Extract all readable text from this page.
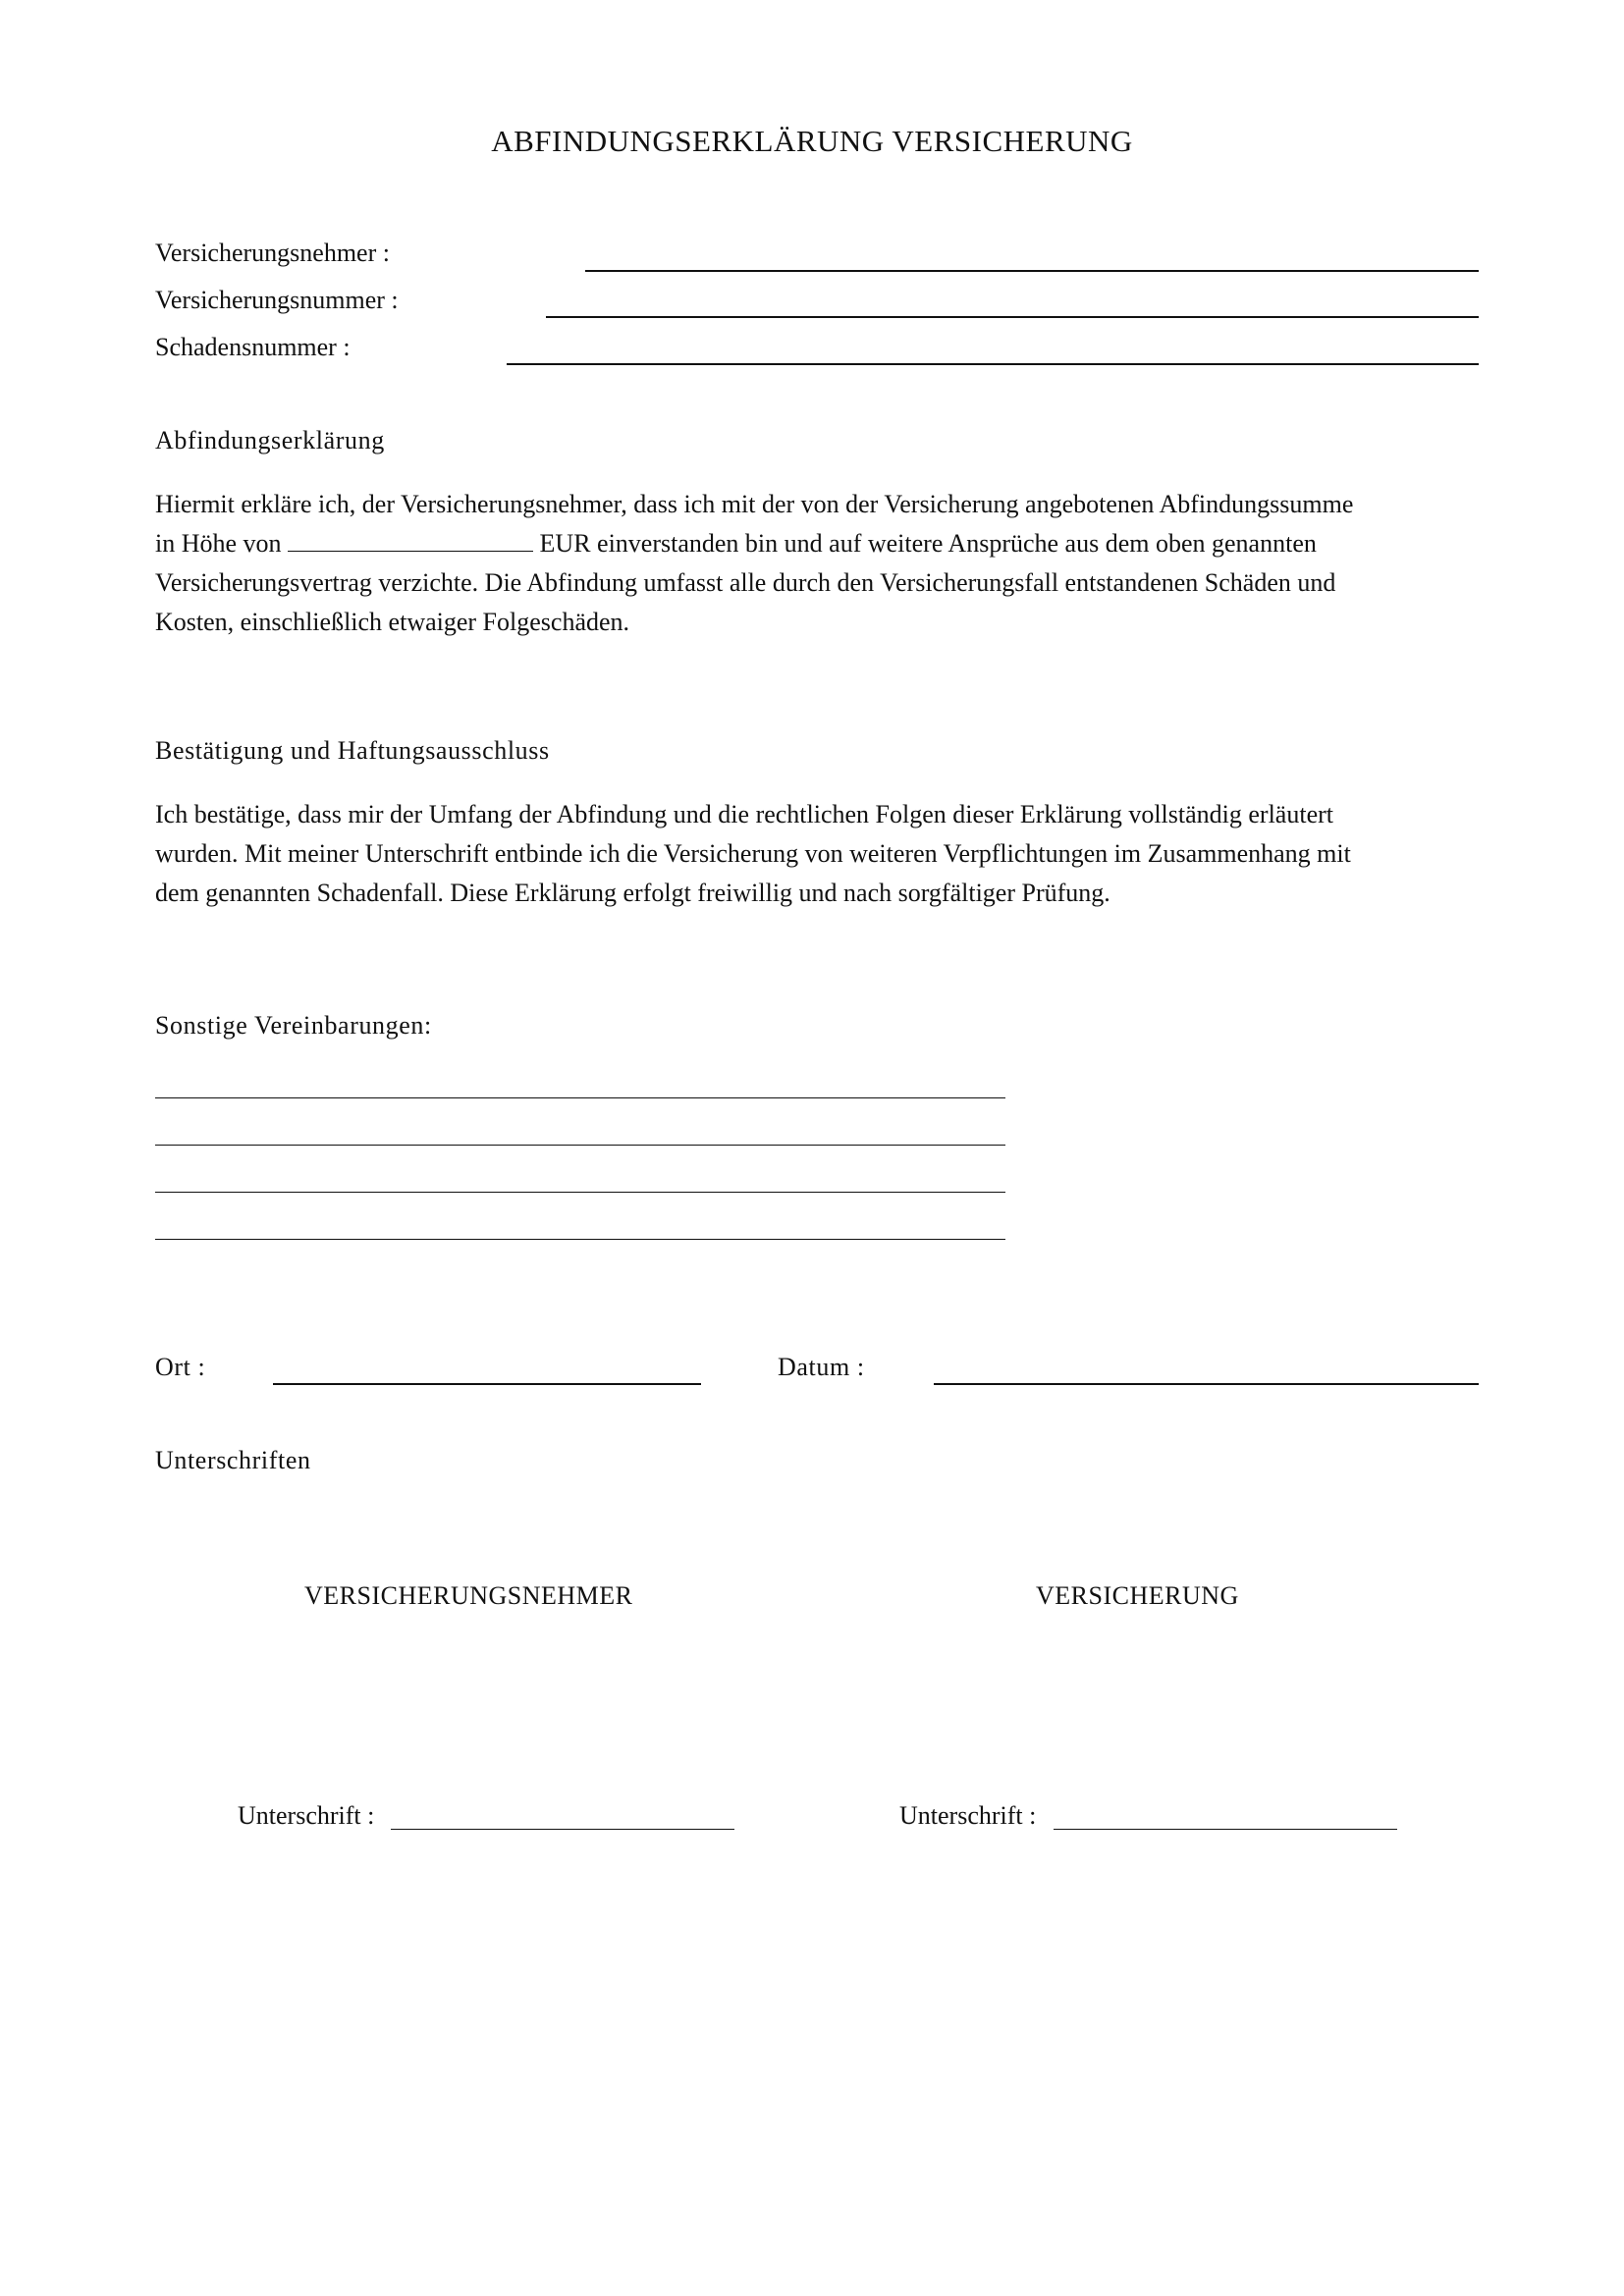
ABFINDUNGSERKLÄRUNG VERSICHERUNG
Versicherungsnehmer :
Versicherungsnummer :
Schadensnummer :
Abfindungserklärung
Hiermit erkläre ich, der Versicherungsnehmer, dass ich mit der von der Versicherung angebotenen Abfindungssumme
in Höhe von	EUR einverstanden bin und auf weitere Ansprüche aus dem oben genannten
Versicherungsvertrag verzichte. Die Abfindung umfasst alle durch den Versicherungsfall entstandenen Schäden und
Kosten, einschließlich etwaiger Folgeschäden.
Bestätigung und Haftungsausschluss
Ich bestätige, dass mir der Umfang der Abfindung und die rechtlichen Folgen dieser Erklärung vollständig erläutert
wurden. Mit meiner Unterschrift entbinde ich die Versicherung von weiteren Verpflichtungen im Zusammenhang mit
dem genannten Schadenfall. Diese Erklärung erfolgt freiwillig und nach sorgfältiger Prüfung.
Sonstige Vereinbarungen:
Ort :	Datum :
Unterschriften
VERSICHERUNGSNEHMER	VERSICHERUNG
Unterschrift :	Unterschrift :
